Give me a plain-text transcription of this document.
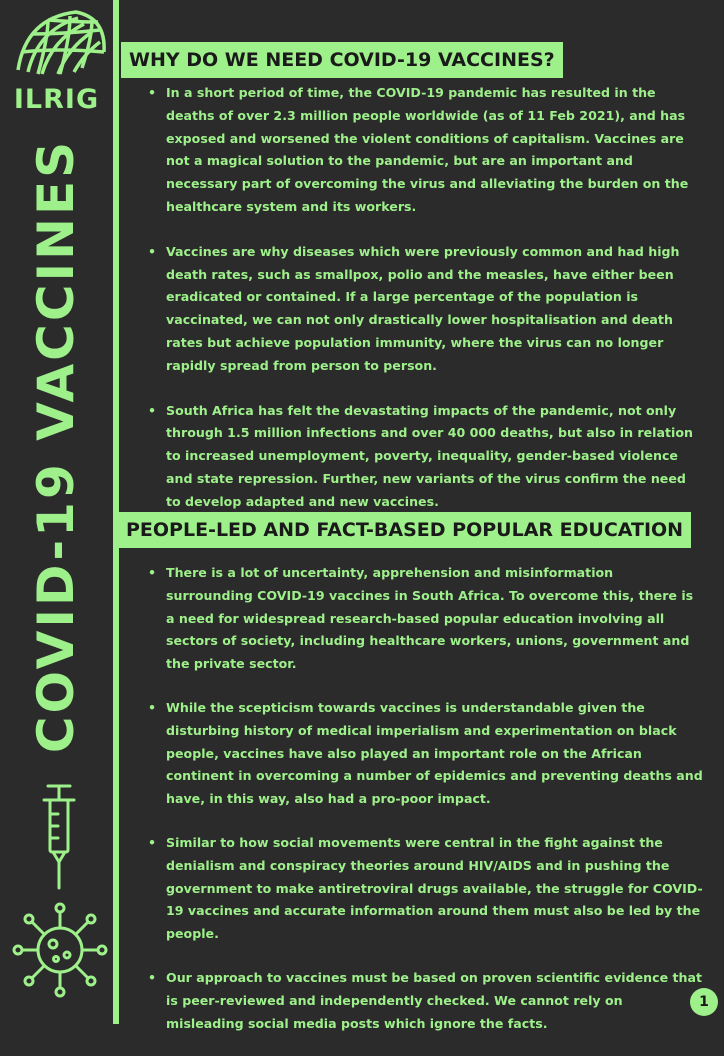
ILRIG
COVID-19 VACCINES
WHY DO WE NEED COVID-19 VACCINES?
• In a short period of time, the COVID-19 pandemic has resulted in the deaths of over 2.3 million people worldwide (as of 11 Feb 2021), and has exposed and worsened the violent conditions of capitalism. Vaccines are not a magical solution to the pandemic, but are an important and necessary part of overcoming the virus and alleviating the burden on the healthcare system and its workers.
• Vaccines are why diseases which were previously common and had high death rates, such as smallpox, polio and the measles, have either been eradicated or contained. If a large percentage of the population is vaccinated, we can not only drastically lower hospitalisation and death rates but achieve population immunity, where the virus can no longer rapidly spread from person to person.
• South Africa has felt the devastating impacts of the pandemic, not only through 1.5 million infections and over 40 000 deaths, but also in relation to increased unemployment, poverty, inequality, gender-based violence and state repression. Further, new variants of the virus confirm the need to develop adapted and new vaccines.
PEOPLE-LED AND FACT-BASED POPULAR EDUCATION
• There is a lot of uncertainty, apprehension and misinformation surrounding COVID-19 vaccines in South Africa. To overcome this, there is a need for widespread research-based popular education involving all sectors of society, including healthcare workers, unions, government and the private sector.
• While the scepticism towards vaccines is understandable given the disturbing history of medical imperialism and experimentation on black people, vaccines have also played an important role on the African continent in overcoming a number of epidemics and preventing deaths and have, in this way, also had a pro-poor impact.
• Similar to how social movements were central in the fight against the denialism and conspiracy theories around HIV/AIDS and in pushing the government to make antiretroviral drugs available, the struggle for COVID-19 vaccines and accurate information around them must also be led by the people.
• Our approach to vaccines must be based on proven scientific evidence that is peer-reviewed and independently checked. We cannot rely on misleading social media posts which ignore the facts.
1
